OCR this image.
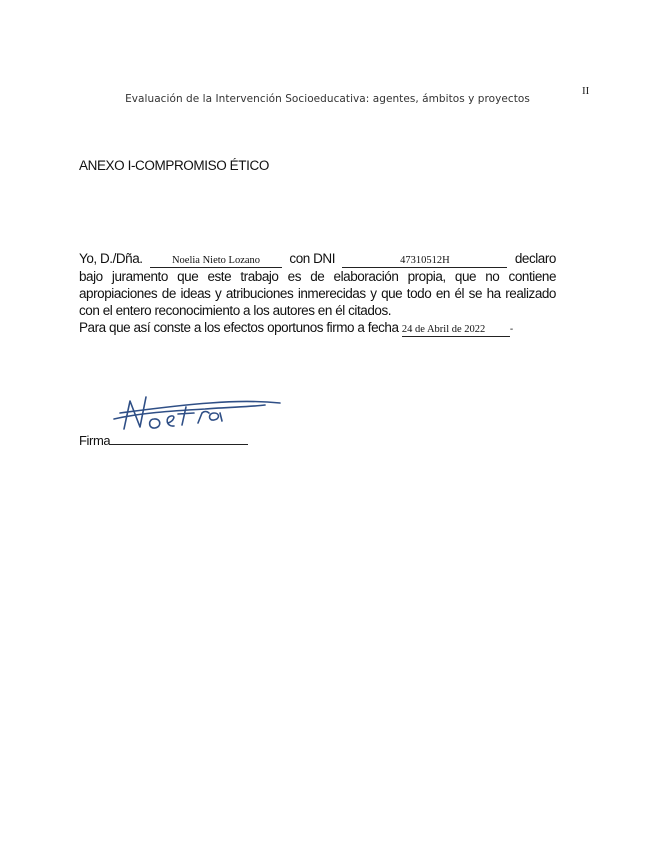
Evaluación de la Intervención Socioeducativa: agentes, ámbitos y proyectos
II
ANEXO I-COMPROMISO ÉTICO
Yo, D./Dña.	Noelia Nieto Lozano	con DNI	47310512H	declaro

bajo juramento que este trabajo es de elaboración propia, que no contiene apropiaciones de ideas y atribuciones inmerecidas y que todo en él se ha realizado con el entero reconocimiento a los autores en él citados.

Para que así conste a los efectos oportunos firmo a fecha 24 de Abril de 2022 -
Firma
